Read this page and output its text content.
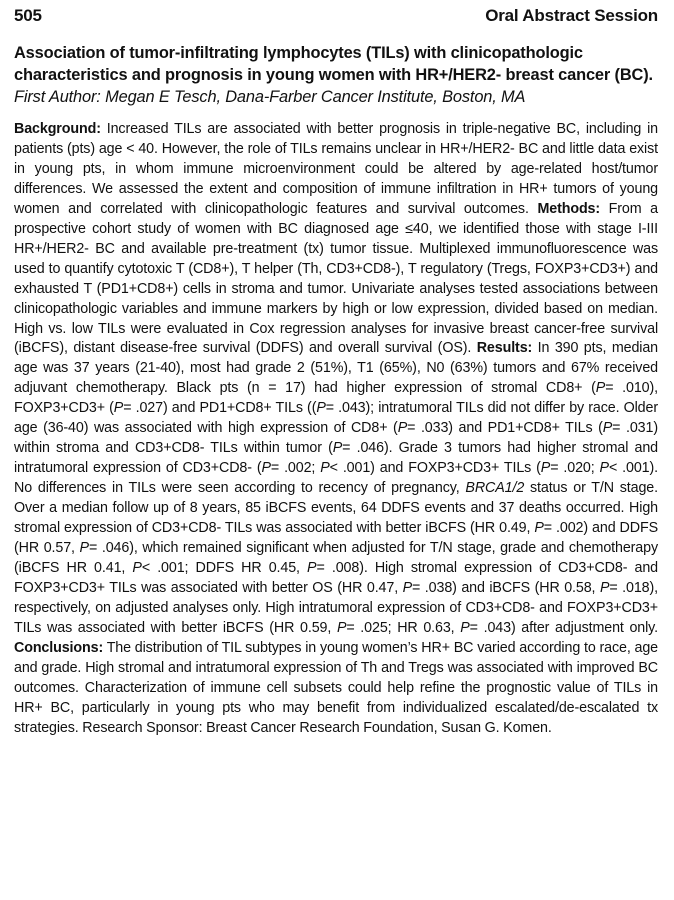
505	Oral Abstract Session
Association of tumor-infiltrating lymphocytes (TILs) with clinicopathologic characteristics and prognosis in young women with HR+/HER2- breast cancer (BC). First Author: Megan E Tesch, Dana-Farber Cancer Institute, Boston, MA
Background: Increased TILs are associated with better prognosis in triple-negative BC, including in patients (pts) age < 40. However, the role of TILs remains unclear in HR+/HER2- BC and little data exist in young pts, in whom immune microenvironment could be altered by age-related host/tumor differences. We assessed the extent and composition of immune infiltration in HR+ tumors of young women and correlated with clinicopathologic features and survival outcomes. Methods: From a prospective cohort study of women with BC diagnosed age ≤40, we identified those with stage I-III HR+/HER2- BC and available pre-treatment (tx) tumor tissue. Multiplexed immunofluorescence was used to quantify cytotoxic T (CD8+), T helper (Th, CD3+CD8-), T regulatory (Tregs, FOXP3+CD3+) and exhausted T (PD1+CD8+) cells in stroma and tumor. Univariate analyses tested associations between clinicopathologic variables and immune markers by high or low expression, divided based on median. High vs. low TILs were evaluated in Cox regression analyses for invasive breast cancer-free survival (iBCFS), distant disease-free survival (DDFS) and overall survival (OS). Results: In 390 pts, median age was 37 years (21-40), most had grade 2 (51%), T1 (65%), N0 (63%) tumors and 67% received adjuvant chemotherapy. Black pts (n = 17) had higher expression of stromal CD8+ (P= .010), FOXP3+CD3+ (P= .027) and PD1+CD8+ TILs ((P= .043); intratumoral TILs did not differ by race. Older age (36-40) was associated with high expression of CD8+ (P= .033) and PD1+CD8+ TILs (P= .031) within stroma and CD3+CD8- TILs within tumor (P= .046). Grade 3 tumors had higher stromal and intratumoral expression of CD3+CD8- (P= .002; P< .001) and FOXP3+CD3+ TILs (P= .020; P< .001). No differences in TILs were seen according to recency of pregnancy, BRCA1/2 status or T/N stage. Over a median follow up of 8 years, 85 iBCFS events, 64 DDFS events and 37 deaths occurred. High stromal expression of CD3+CD8- TILs was associated with better iBCFS (HR 0.49, P= .002) and DDFS (HR 0.57, P= .046), which remained significant when adjusted for T/N stage, grade and chemotherapy (iBCFS HR 0.41, P< .001; DDFS HR 0.45, P= .008). High stromal expression of CD3+CD8- and FOXP3+CD3+ TILs was associated with better OS (HR 0.47, P= .038) and iBCFS (HR 0.58, P= .018), respectively, on adjusted analyses only. High intratumoral expression of CD3+CD8- and FOXP3+CD3+ TILs was associated with better iBCFS (HR 0.59, P= .025; HR 0.63, P= .043) after adjustment only. Conclusions: The distribution of TIL subtypes in young women’s HR+ BC varied according to race, age and grade. High stromal and intratumoral expression of Th and Tregs was associated with improved BC outcomes. Characterization of immune cell subsets could help refine the prognostic value of TILs in HR+ BC, particularly in young pts who may benefit from individualized escalated/de-escalated tx strategies. Research Sponsor: Breast Cancer Research Foundation, Susan G. Komen.
